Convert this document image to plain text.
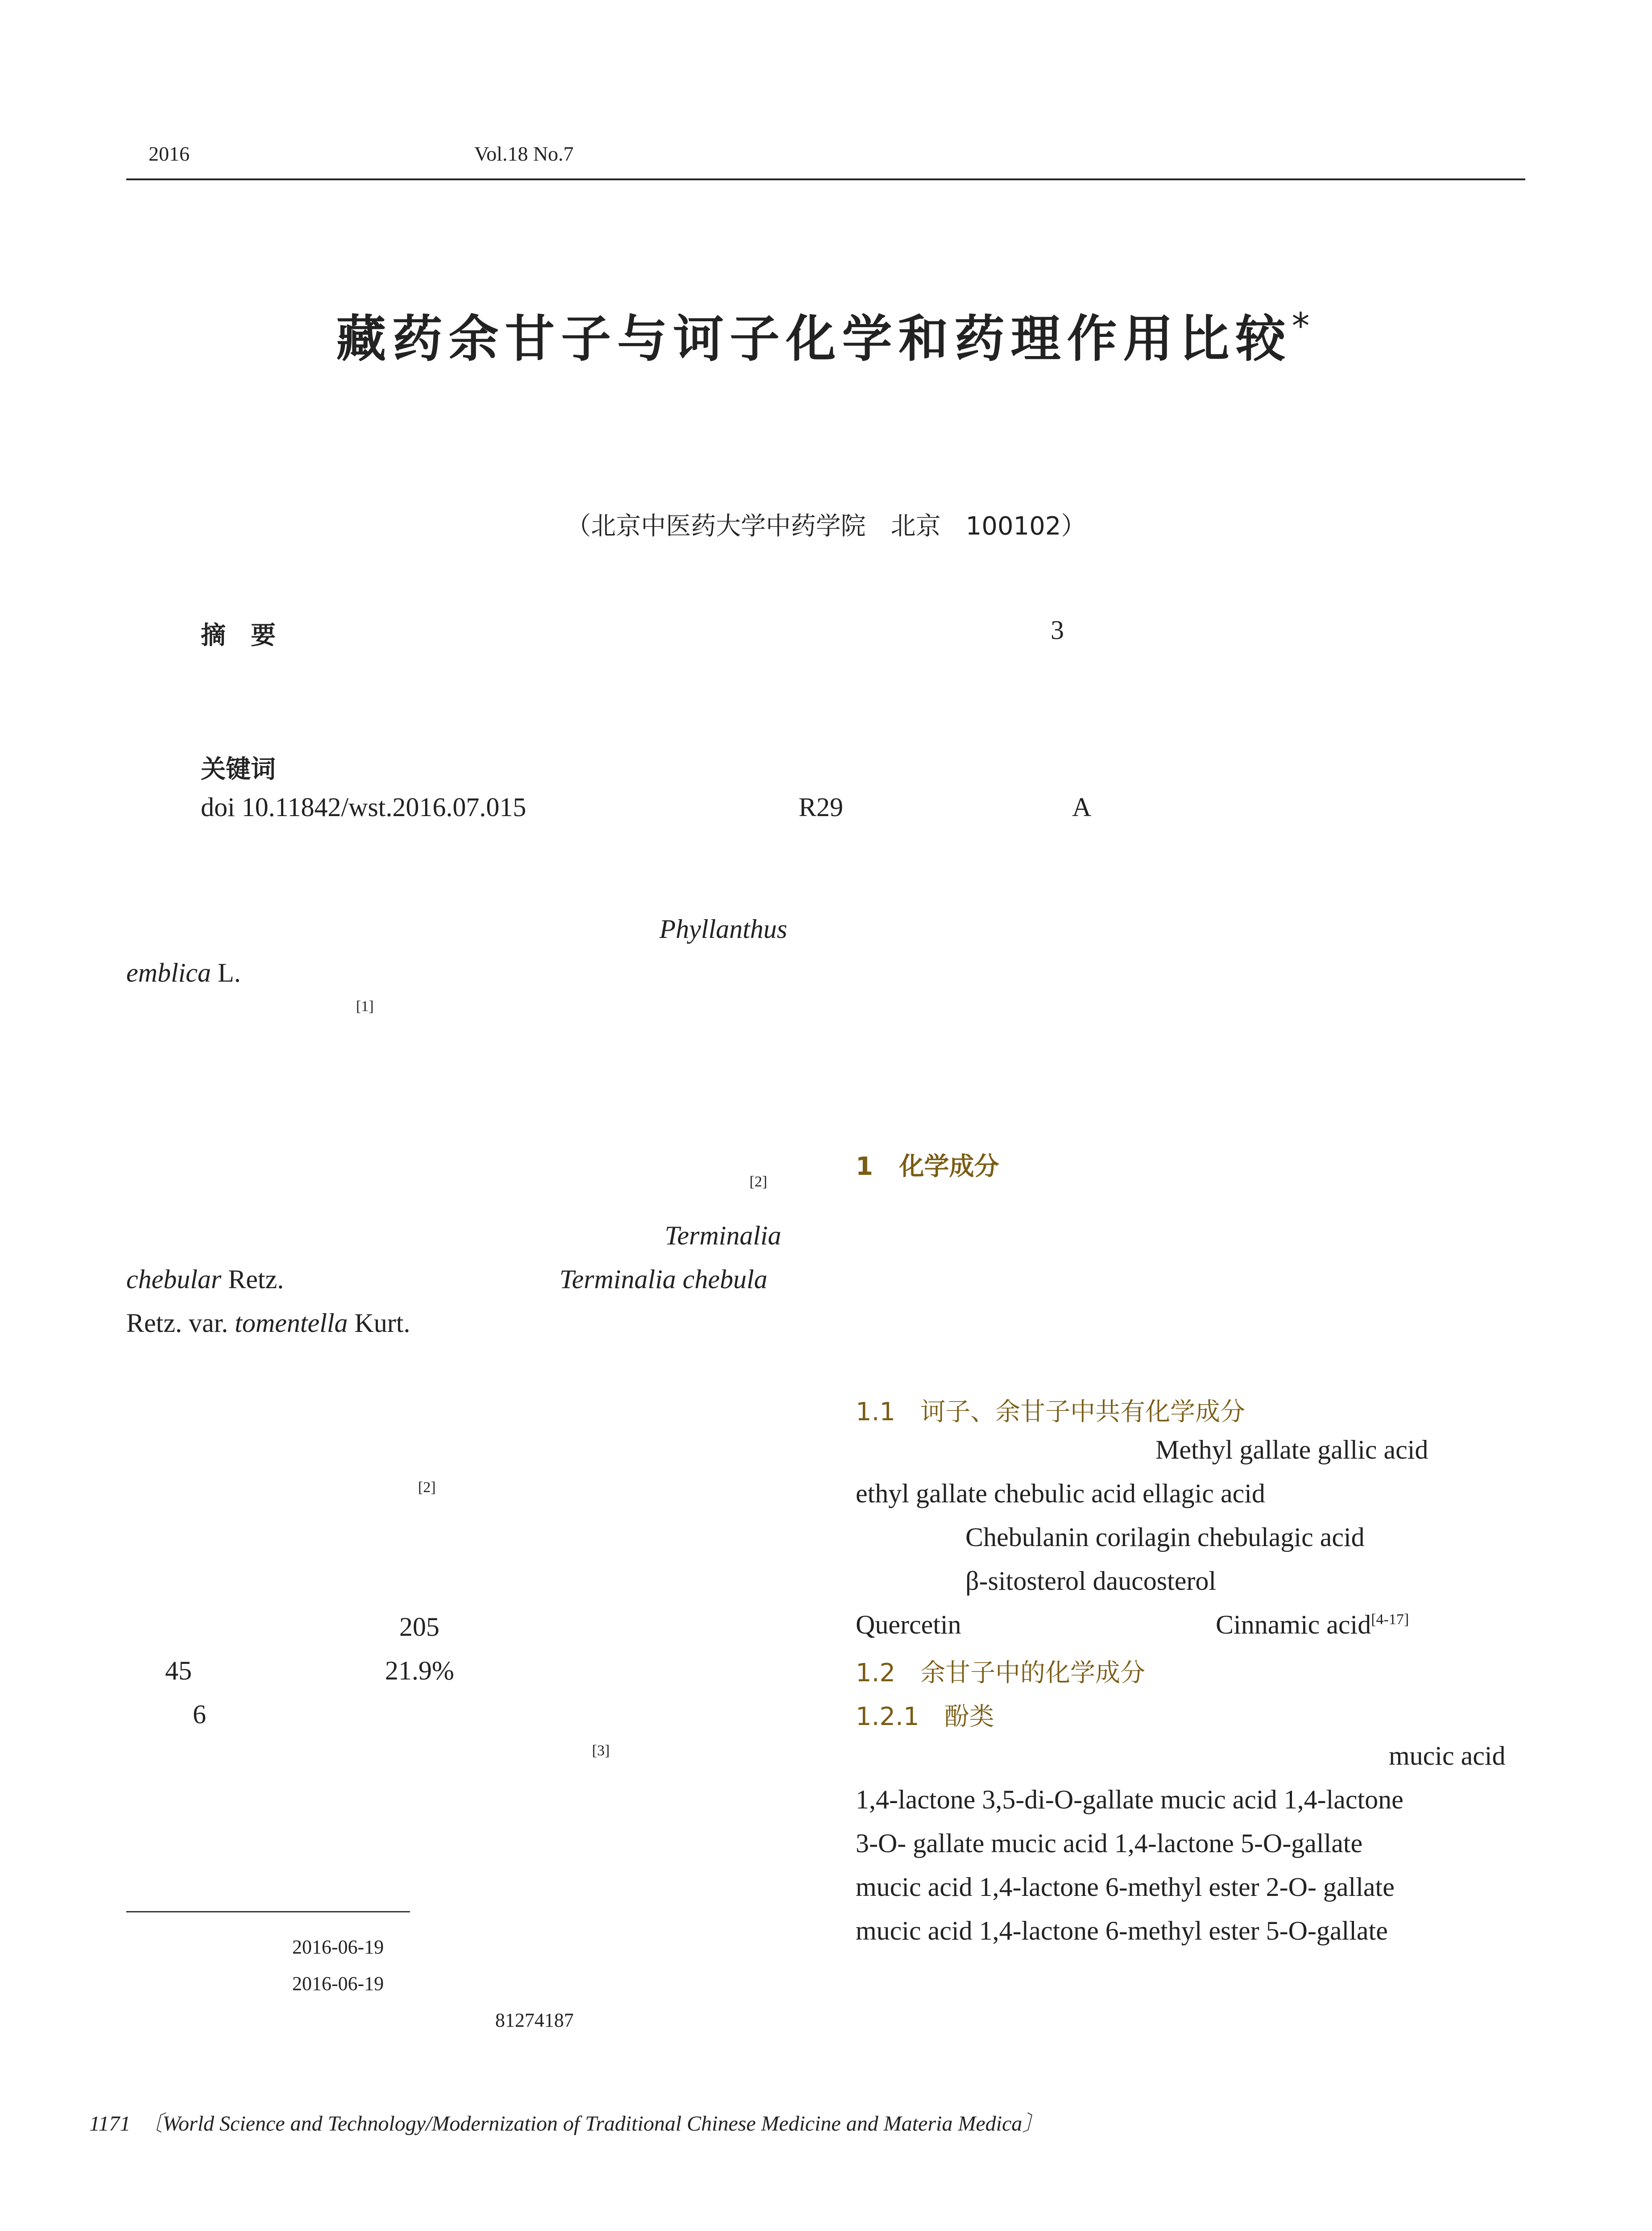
2016	Vol.18 No.7
藏药余甘子与诃子化学和药理作用比较*
（北京中医药大学中药学院　北京　100102）
摘　要	3
关键词
doi 10.11842/wst.2016.07.015	R29	A
Phyllanthus
emblica L.
[1]
[2]
Terminalia
chebular Retz.	Terminalia chebula
Retz. var. tomentella Kurt.
[2]
205
45	21.9%
6
[3]
2016-06-19
2016-06-19
81274187
1 化学成分
1.1　诃子、余甘子中共有化学成分
Methyl gallate gallic acid
ethyl gallate chebulic acid ellagic acid
Chebulanin corilagin chebulagic acid
β-sitosterol daucosterol
Quercetin	Cinnamic acid[4-17]
1.2　余甘子中的化学成分
1.2.1　酚类
mucic acid
1,4-lactone 3,5-di-O-gallate mucic acid 1,4-lactone
3-O- gallate mucic acid 1,4-lactone 5-O-gallate
mucic acid 1,4-lactone 6-methyl ester 2-O- gallate
mucic acid 1,4-lactone 6-methyl ester 5-O-gallate
1171 〔World Science and Technology/Modernization of Traditional Chinese Medicine and Materia Medica〕
